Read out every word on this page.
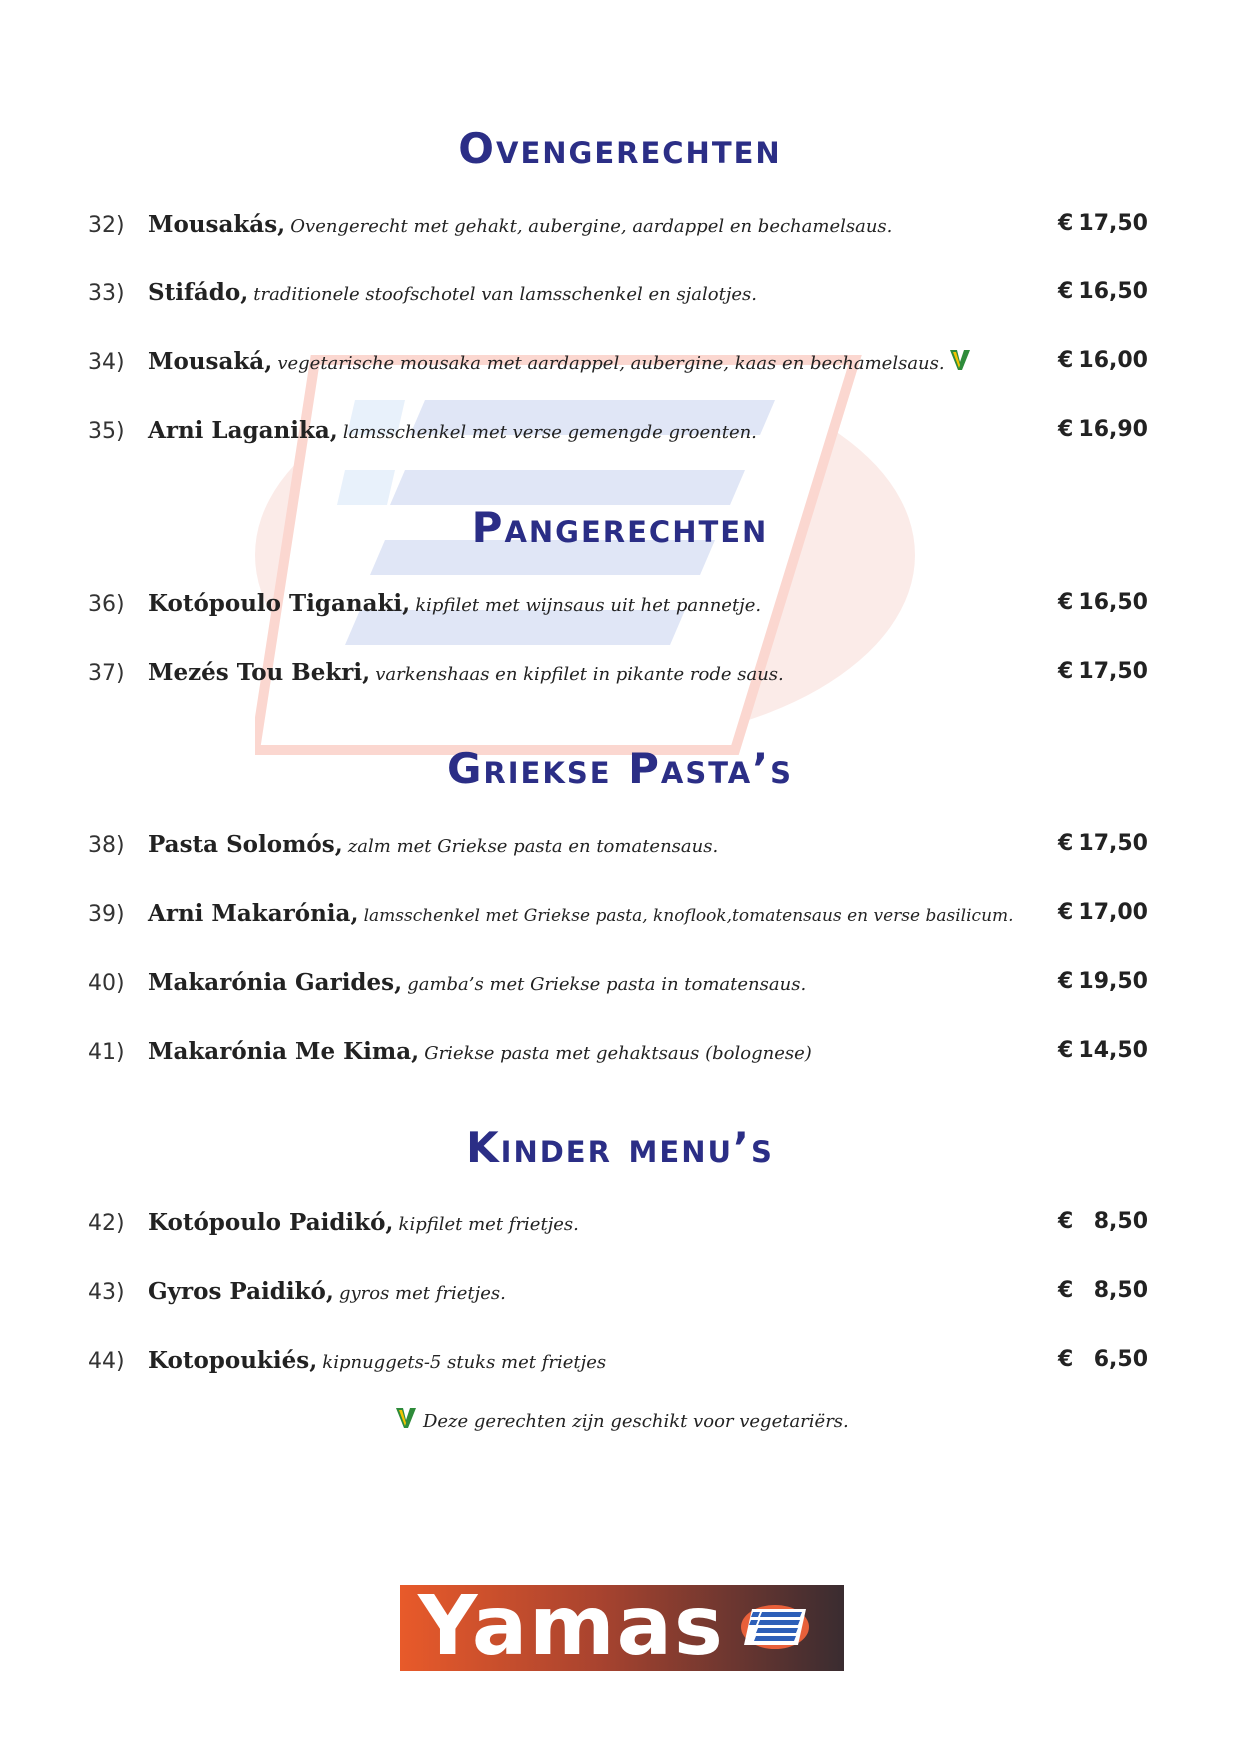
Ovengerechten
32) Mousakás, Ovengerecht met gehakt, aubergine, aardappel en bechamelsaus.	€ 17,50
33) Stifádo, traditionele stoofschotel van lamsschenkel en sjalotjes.	€ 16,50
34) Mousaká, vegetarische mousaka met aardappel, aubergine, kaas en bechamelsaus.	€ 16,00
35) Arni Laganika, lamsschenkel met verse gemengde groenten.	€ 16,90
Pangerechten
36) Kotópoulo Tiganaki, kipfilet met wijnsaus uit het pannetje.	€ 16,50
37) Mezés Tou Bekri, varkenshaas en kipfilet in pikante rode saus.	€ 17,50
Griekse Pasta’s
38) Pasta Solomós, zalm met Griekse pasta en tomatensaus.	€ 17,50
39) Arni Makarónia, lamsschenkel met Griekse pasta, knoflook,tomatensaus en verse basilicum. € 17,00
40) Makarónia Garides, gamba’s met Griekse pasta in tomatensaus.	€ 19,50
41) Makarónia Me Kima, Griekse pasta met gehaktsaus (bolognese)	€ 14,50
Kinder menu’s
42) Kotópoulo Paidikó, kipfilet met frietjes.	€ 8,50
43) Gyros Paidikó, gyros met frietjes.	€ 8,50
44) Kotopoukiés, kipnuggets-5 stuks met frietjes	€ 6,50
Deze gerechten zijn geschikt voor vegetariërs.
Yamas
